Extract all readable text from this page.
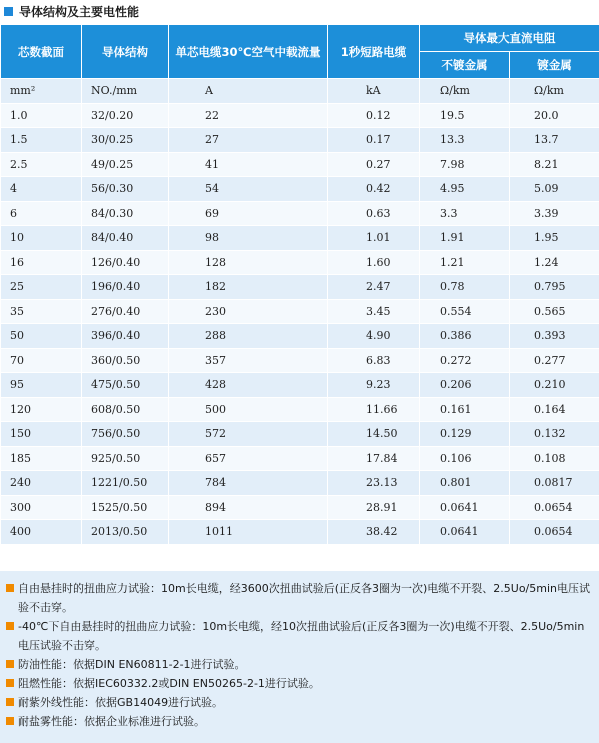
导体结构及主要电性能
芯数截面	导体结构	单芯电缆30℃空气中载流量	1秒短路电缆	导体最大直流电阻	
				不镀金属	镀金属
mm²	NO./mm	A	kA	Ω/km	Ω/km
1.0	32/0.20	22	0.12	19.5	20.0
1.5	30/0.25	27	0.17	13.3	13.7
2.5	49/0.25	41	0.27	7.98	8.21
4	56/0.30	54	0.42	4.95	5.09
6	84/0.30	69	0.63	3.3	3.39
10	84/0.40	98	1.01	1.91	1.95
16	126/0.40	128	1.60	1.21	1.24
25	196/0.40	182	2.47	0.78	0.795
35	276/0.40	230	3.45	0.554	0.565
50	396/0.40	288	4.90	0.386	0.393
70	360/0.50	357	6.83	0.272	0.277
95	475/0.50	428	9.23	0.206	0.210
120	608/0.50	500	11.66	0.161	0.164
150	756/0.50	572	14.50	0.129	0.132
185	925/0.50	657	17.84	0.106	0.108
240	1221/0.50	784	23.13	0.801	0.0817
300	1525/0.50	894	28.91	0.0641	0.0654
400	2013/0.50	1011	38.42	0.0641	0.0654
自由悬挂时的扭曲应力试验：10m长电缆，经3600次扭曲试验后(正反各3圈为一次)电缆不开裂、2.5Uo/5min电压试验不击穿。
-40℃下自由悬挂时的扭曲应力试验：10m长电缆，经10次扭曲试验后(正反各3圈为一次)电缆不开裂、2.5Uo/5min电压试验不击穿。
防油性能：依据DIN EN60811-2-1进行试验。
阻燃性能：依据IEC60332.2或DIN EN50265-2-1进行试验。
耐紫外线性能：依据GB14049进行试验。
耐盐雾性能：依据企业标准进行试验。
